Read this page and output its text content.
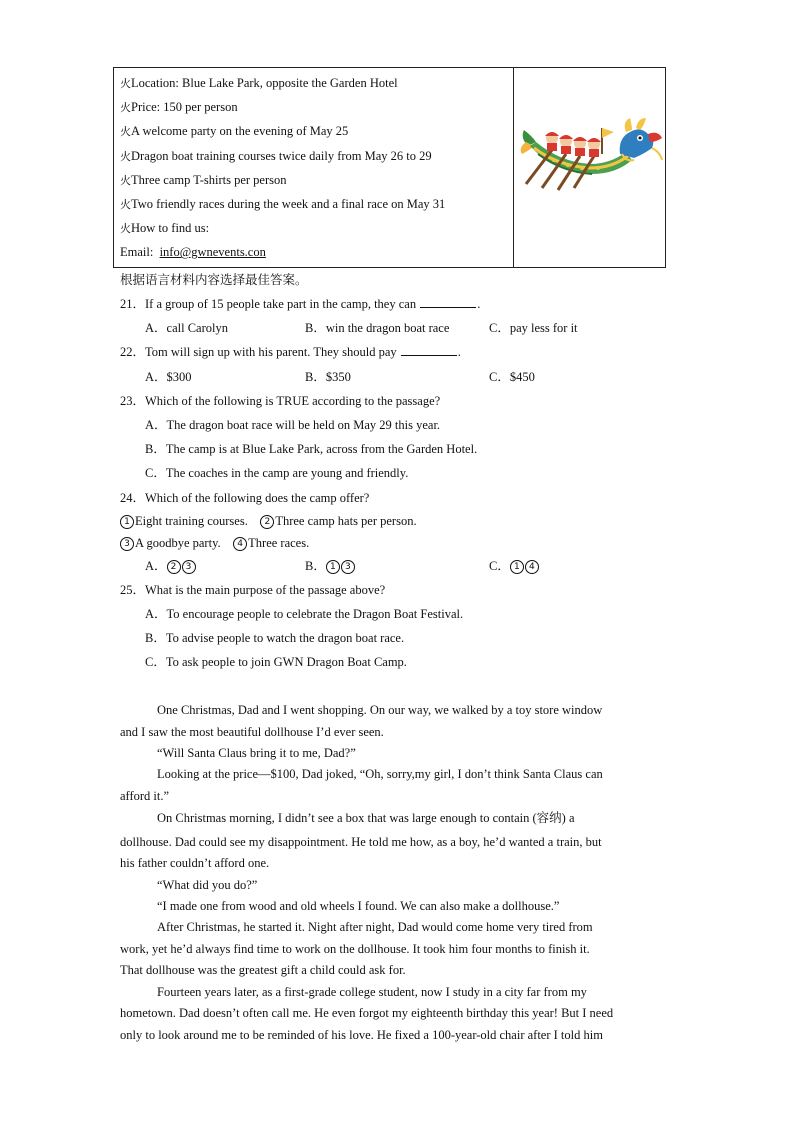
火Location: Blue Lake Park, opposite the Garden Hotel
火Price: 150 per person
火A welcome party on the evening of May 25
火Dragon boat training courses twice daily from May 26 to 29
火Three camp T-shirts per person
火Two friendly races during the week and a final race on May 31
火How to find us:
Email: info@gwnevents.con
根据语言材料内容选择最佳答案。
21．If a group of 15 people take part in the camp, they can	.
A．call Carolyn	B．win the dragon boat race	C．pay less for it
22．Tom will sign up with his parent. They should pay	.
A．$300	B．$350	C．$450
23．Which of the following is TRUE according to the passage?
A．The dragon boat race will be held on May 29 this year.
B．The camp is at Blue Lake Park, across from the Garden Hotel.
C．The coaches in the camp are young and friendly.
24．Which of the following does the camp offer?
1 Eight training courses. 2 Three camp hats per person.
3 A goodbye party. 4 Three races.
A． 2 3	B． 1 3	C． 1 4
25．What is the main purpose of the passage above?
A．To encourage people to celebrate the Dragon Boat Festival.
B．To advise people to watch the dragon boat race.
C．To ask people to join GWN Dragon Boat Camp.
One Christmas, Dad and I went shopping. On our way, we walked by a toy store window
and I saw the most beautiful dollhouse I’d ever seen.
“Will Santa Claus bring it to me, Dad?”
Looking at the price—$100, Dad joked, “Oh, sorry,my girl, I don’t think Santa Claus can
afford it.”
On Christmas morning, I didn’t see a box that was large enough to contain (容纳) a
dollhouse. Dad could see my disappointment. He told me how, as a boy, he’d wanted a train, but
his father couldn’t afford one.
“What did you do?”
“I made one from wood and old wheels I found. We can also make a dollhouse.”
After Christmas, he started it. Night after night, Dad would come home very tired from
work, yet he’d always find time to work on the dollhouse. It took him four months to finish it.
That dollhouse was the greatest gift a child could ask for.
Fourteen years later, as a first-grade college student, now I study in a city far from my
hometown. Dad doesn’t often call me. He even forgot my eighteenth birthday this year! But I need
only to look around me to be reminded of his love. He fixed a 100-year-old chair after I told him
